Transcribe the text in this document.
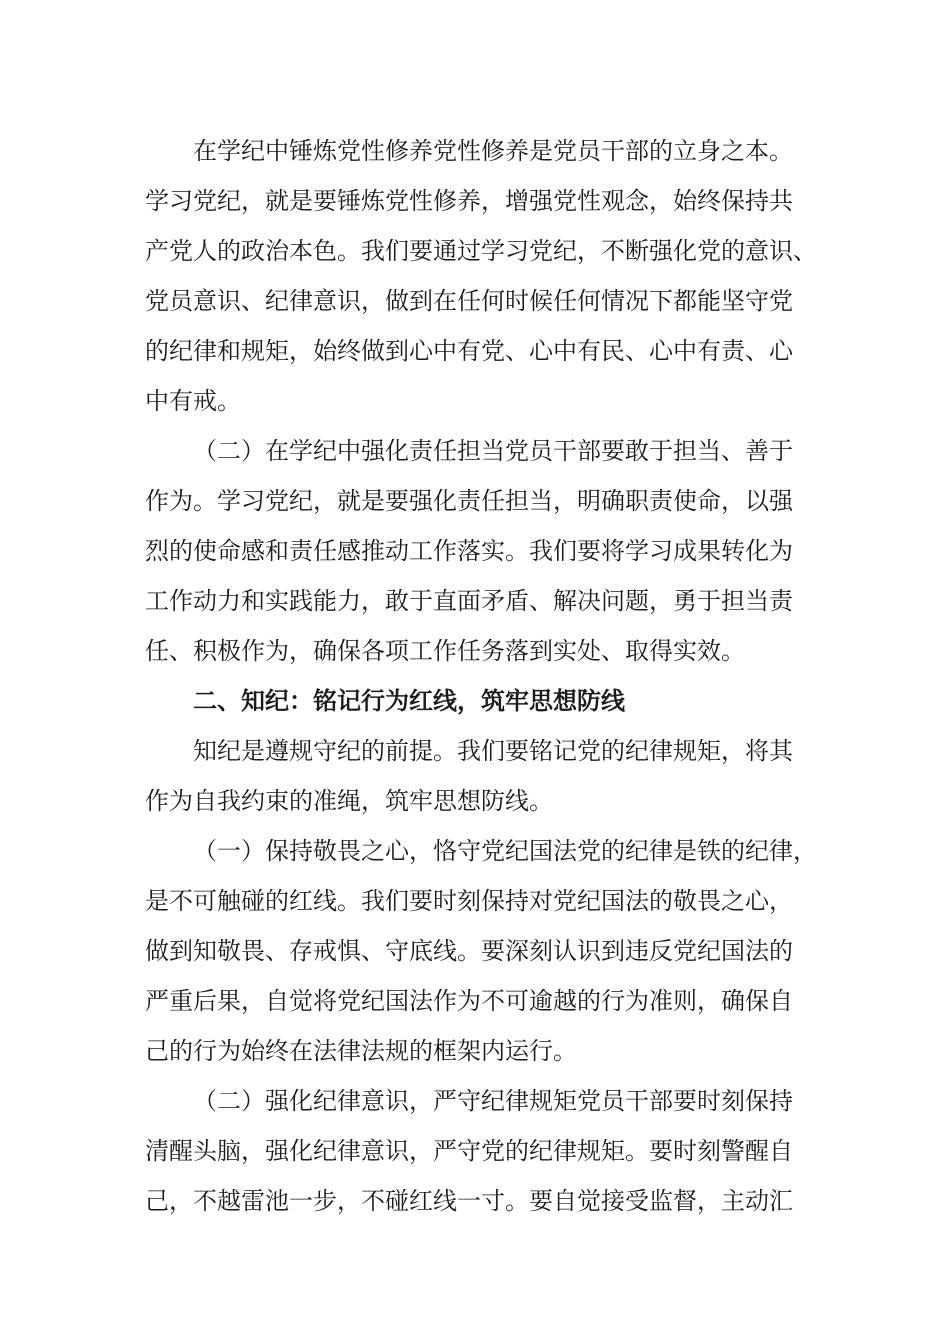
在学纪中锤炼党性修养党性修养是党员干部的立身之本。
学习党纪，就是要锤炼党性修养，增强党性观念，始终保持共
产党人的政治本色。我们要通过学习党纪，不断强化党的意识、
党员意识、纪律意识，做到在任何时候任何情况下都能坚守党
的纪律和规矩，始终做到心中有党、心中有民、心中有责、心
中有戒。
（二）在学纪中强化责任担当党员干部要敢于担当、善于
作为。学习党纪，就是要强化责任担当，明确职责使命，以强
烈的使命感和责任感推动工作落实。我们要将学习成果转化为
工作动力和实践能力，敢于直面矛盾、解决问题，勇于担当责
任、积极作为，确保各项工作任务落到实处、取得实效。
二、知纪：铭记行为红线，筑牢思想防线
知纪是遵规守纪的前提。我们要铭记党的纪律规矩，将其
作为自我约束的准绳，筑牢思想防线。
（一）保持敬畏之心，恪守党纪国法党的纪律是铁的纪律，
是不可触碰的红线。我们要时刻保持对党纪国法的敬畏之心，
做到知敬畏、存戒惧、守底线。要深刻认识到违反党纪国法的
严重后果，自觉将党纪国法作为不可逾越的行为准则，确保自
己的行为始终在法律法规的框架内运行。
（二）强化纪律意识，严守纪律规矩党员干部要时刻保持
清醒头脑，强化纪律意识，严守党的纪律规矩。要时刻警醒自
己，不越雷池一步，不碰红线一寸。要自觉接受监督，主动汇
